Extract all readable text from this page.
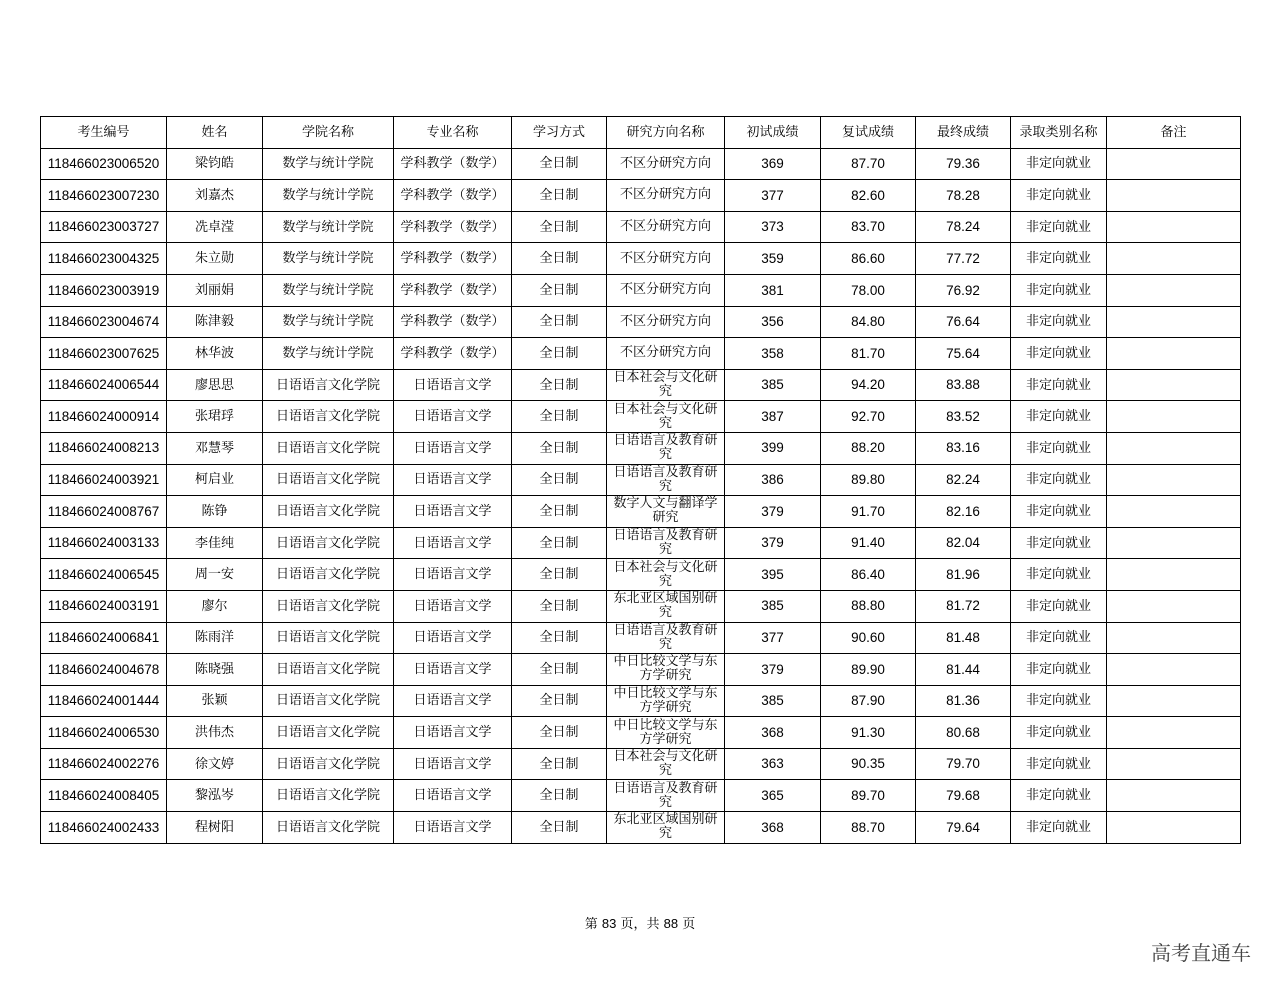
考生编号	姓名	学院名称	专业名称	学习方式	研究方向名称	初试成绩	复试成绩	最终成绩	录取类别名称	备注
118466023006520	梁钧皓	数学与统计学院	学科教学（数学）	全日制	不区分研究方向	369	87.70	79.36	非定向就业	
118466023007230	刘嘉杰	数学与统计学院	学科教学（数学）	全日制	不区分研究方向	377	82.60	78.28	非定向就业	
118466023003727	冼卓滢	数学与统计学院	学科教学（数学）	全日制	不区分研究方向	373	83.70	78.24	非定向就业	
118466023004325	朱立勋	数学与统计学院	学科教学（数学）	全日制	不区分研究方向	359	86.60	77.72	非定向就业	
118466023003919	刘丽娟	数学与统计学院	学科教学（数学）	全日制	不区分研究方向	381	78.00	76.92	非定向就业	
118466023004674	陈津毅	数学与统计学院	学科教学（数学）	全日制	不区分研究方向	356	84.80	76.64	非定向就业	
118466023007625	林华波	数学与统计学院	学科教学（数学）	全日制	不区分研究方向	358	81.70	75.64	非定向就业	
118466024006544	廖思思	日语语言文化学院	日语语言文学	全日制	日本社会与文化研究	385	94.20	83.88	非定向就业	
118466024000914	张珺琈	日语语言文化学院	日语语言文学	全日制	日本社会与文化研究	387	92.70	83.52	非定向就业	
118466024008213	邓慧琴	日语语言文化学院	日语语言文学	全日制	日语语言及教育研究	399	88.20	83.16	非定向就业	
118466024003921	柯启业	日语语言文化学院	日语语言文学	全日制	日语语言及教育研究	386	89.80	82.24	非定向就业	
118466024008767	陈铮	日语语言文化学院	日语语言文学	全日制	数字人文与翻译学研究	379	91.70	82.16	非定向就业	
118466024003133	李佳纯	日语语言文化学院	日语语言文学	全日制	日语语言及教育研究	379	91.40	82.04	非定向就业	
118466024006545	周一安	日语语言文化学院	日语语言文学	全日制	日本社会与文化研究	395	86.40	81.96	非定向就业	
118466024003191	廖尔	日语语言文化学院	日语语言文学	全日制	东北亚区域国别研究	385	88.80	81.72	非定向就业	
118466024006841	陈雨洋	日语语言文化学院	日语语言文学	全日制	日语语言及教育研究	377	90.60	81.48	非定向就业	
118466024004678	陈晓强	日语语言文化学院	日语语言文学	全日制	中日比较文学与东方学研究	379	89.90	81.44	非定向就业	
118466024001444	张颖	日语语言文化学院	日语语言文学	全日制	中日比较文学与东方学研究	385	87.90	81.36	非定向就业	
118466024006530	洪伟杰	日语语言文化学院	日语语言文学	全日制	中日比较文学与东方学研究	368	91.30	80.68	非定向就业	
118466024002276	徐文婷	日语语言文化学院	日语语言文学	全日制	日本社会与文化研究	363	90.35	79.70	非定向就业	
118466024008405	黎泓岑	日语语言文化学院	日语语言文学	全日制	日语语言及教育研究	365	89.70	79.68	非定向就业	
118466024002433	程树阳	日语语言文化学院	日语语言文学	全日制	东北亚区域国别研究	368	88.70	79.64	非定向就业	
第 83 页，共 88 页
高考直通车
